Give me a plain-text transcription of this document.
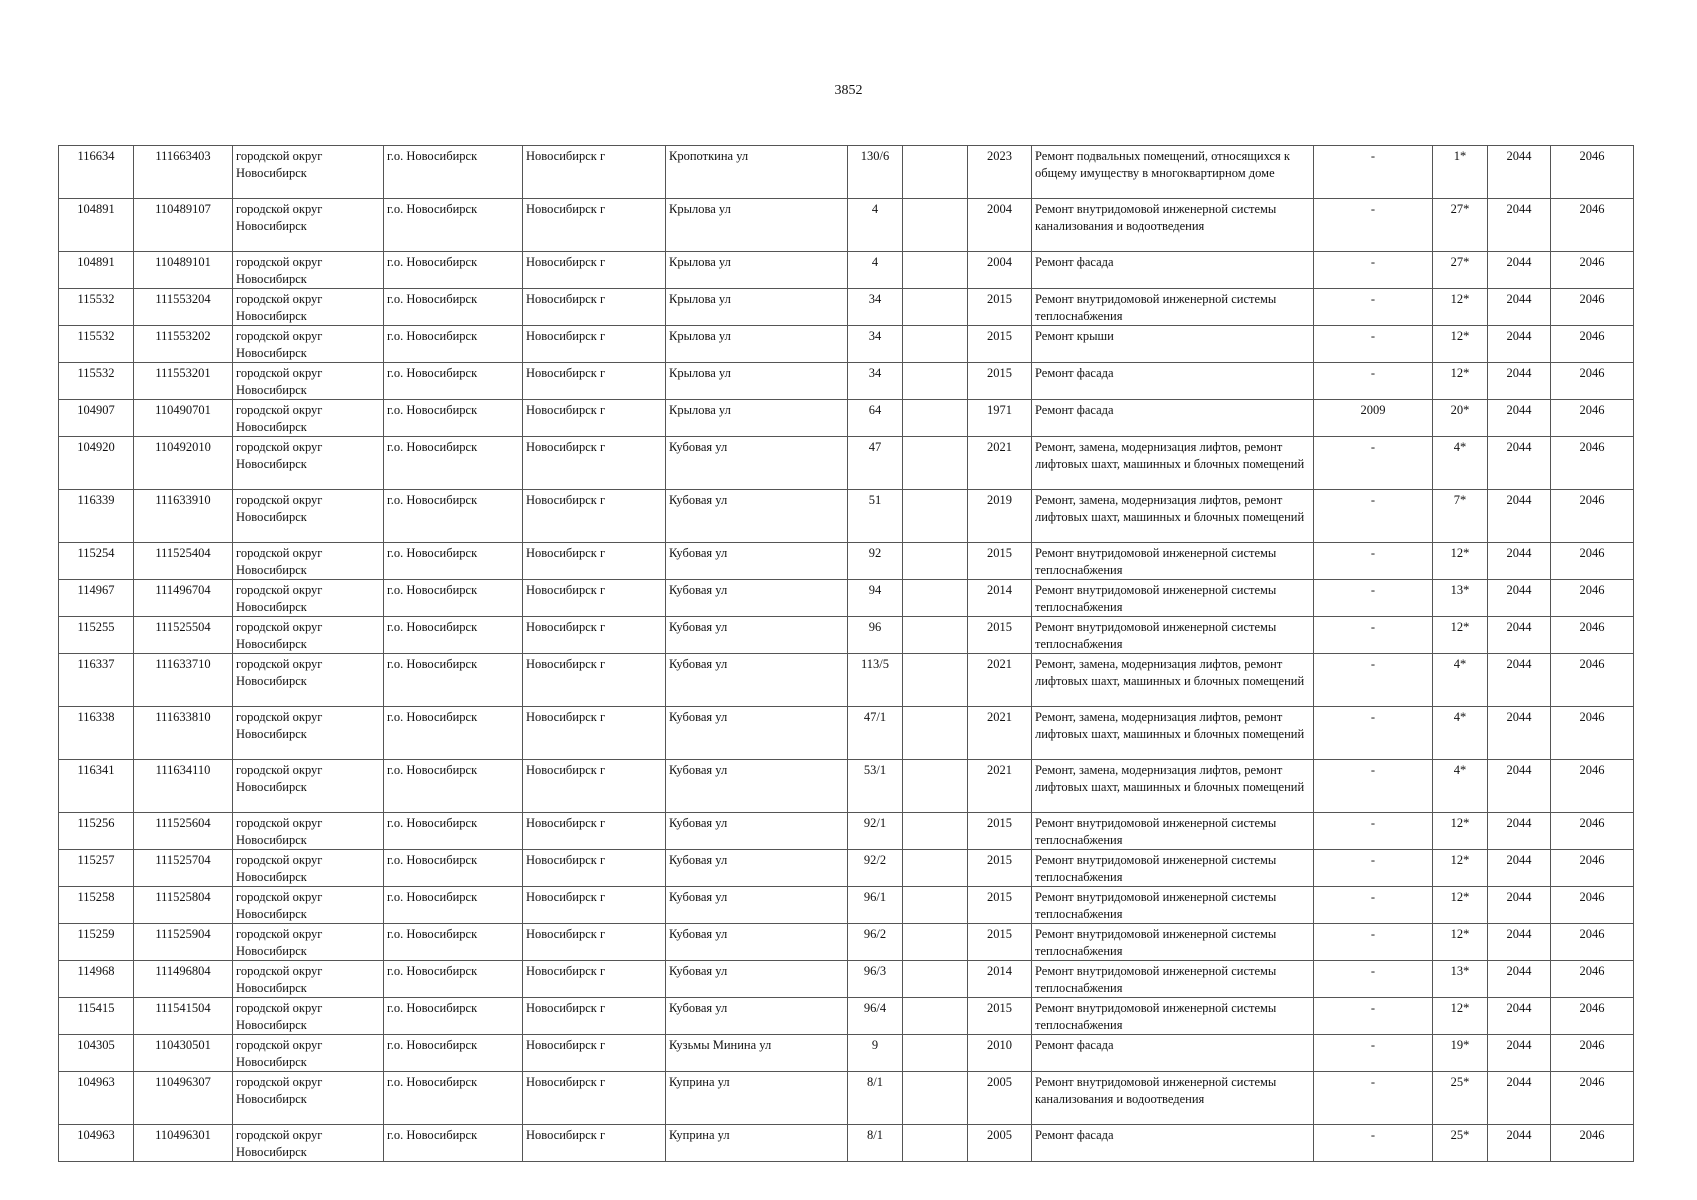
3852
116634	111663403	городской округ Новосибирск	г.о. Новосибирск	Новосибирск г	Кропоткина ул	130/6		2023	Ремонт подвальных помещений, относящихся к общему имуществу в многоквартирном доме	-	1*	2044	2046
104891	110489107	городской округ Новосибирск	г.о. Новосибирск	Новосибирск г	Крылова ул	4		2004	Ремонт внутридомовой инженерной системы канализования и водоотведения	-	27*	2044	2046
104891	110489101	городской округ Новосибирск	г.о. Новосибирск	Новосибирск г	Крылова ул	4		2004	Ремонт фасада	-	27*	2044	2046
115532	111553204	городской округ Новосибирск	г.о. Новосибирск	Новосибирск г	Крылова ул	34		2015	Ремонт внутридомовой инженерной системы теплоснабжения	-	12*	2044	2046
115532	111553202	городской округ Новосибирск	г.о. Новосибирск	Новосибирск г	Крылова ул	34		2015	Ремонт крыши	-	12*	2044	2046
115532	111553201	городской округ Новосибирск	г.о. Новосибирск	Новосибирск г	Крылова ул	34		2015	Ремонт фасада	-	12*	2044	2046
104907	110490701	городской округ Новосибирск	г.о. Новосибирск	Новосибирск г	Крылова ул	64		1971	Ремонт фасада	2009	20*	2044	2046
104920	110492010	городской округ Новосибирск	г.о. Новосибирск	Новосибирск г	Кубовая ул	47		2021	Ремонт, замена, модернизация лифтов, ремонт лифтовых шахт, машинных и блочных помещений	-	4*	2044	2046
116339	111633910	городской округ Новосибирск	г.о. Новосибирск	Новосибирск г	Кубовая ул	51		2019	Ремонт, замена, модернизация лифтов, ремонт лифтовых шахт, машинных и блочных помещений	-	7*	2044	2046
115254	111525404	городской округ Новосибирск	г.о. Новосибирск	Новосибирск г	Кубовая ул	92		2015	Ремонт внутридомовой инженерной системы теплоснабжения	-	12*	2044	2046
114967	111496704	городской округ Новосибирск	г.о. Новосибирск	Новосибирск г	Кубовая ул	94		2014	Ремонт внутридомовой инженерной системы теплоснабжения	-	13*	2044	2046
115255	111525504	городской округ Новосибирск	г.о. Новосибирск	Новосибирск г	Кубовая ул	96		2015	Ремонт внутридомовой инженерной системы теплоснабжения	-	12*	2044	2046
116337	111633710	городской округ Новосибирск	г.о. Новосибирск	Новосибирск г	Кубовая ул	113/5		2021	Ремонт, замена, модернизация лифтов, ремонт лифтовых шахт, машинных и блочных помещений	-	4*	2044	2046
116338	111633810	городской округ Новосибирск	г.о. Новосибирск	Новосибирск г	Кубовая ул	47/1		2021	Ремонт, замена, модернизация лифтов, ремонт лифтовых шахт, машинных и блочных помещений	-	4*	2044	2046
116341	111634110	городской округ Новосибирск	г.о. Новосибирск	Новосибирск г	Кубовая ул	53/1		2021	Ремонт, замена, модернизация лифтов, ремонт лифтовых шахт, машинных и блочных помещений	-	4*	2044	2046
115256	111525604	городской округ Новосибирск	г.о. Новосибирск	Новосибирск г	Кубовая ул	92/1		2015	Ремонт внутридомовой инженерной системы теплоснабжения	-	12*	2044	2046
115257	111525704	городской округ Новосибирск	г.о. Новосибирск	Новосибирск г	Кубовая ул	92/2		2015	Ремонт внутридомовой инженерной системы теплоснабжения	-	12*	2044	2046
115258	111525804	городской округ Новосибирск	г.о. Новосибирск	Новосибирск г	Кубовая ул	96/1		2015	Ремонт внутридомовой инженерной системы теплоснабжения	-	12*	2044	2046
115259	111525904	городской округ Новосибирск	г.о. Новосибирск	Новосибирск г	Кубовая ул	96/2		2015	Ремонт внутридомовой инженерной системы теплоснабжения	-	12*	2044	2046
114968	111496804	городской округ Новосибирск	г.о. Новосибирск	Новосибирск г	Кубовая ул	96/3		2014	Ремонт внутридомовой инженерной системы теплоснабжения	-	13*	2044	2046
115415	111541504	городской округ Новосибирск	г.о. Новосибирск	Новосибирск г	Кубовая ул	96/4		2015	Ремонт внутридомовой инженерной системы теплоснабжения	-	12*	2044	2046
104305	110430501	городской округ Новосибирск	г.о. Новосибирск	Новосибирск г	Кузьмы Минина ул	9		2010	Ремонт фасада	-	19*	2044	2046
104963	110496307	городской округ Новосибирск	г.о. Новосибирск	Новосибирск г	Куприна ул	8/1		2005	Ремонт внутридомовой инженерной системы канализования и водоотведения	-	25*	2044	2046
104963	110496301	городской округ Новосибирск	г.о. Новосибирск	Новосибирск г	Куприна ул	8/1		2005	Ремонт фасада	-	25*	2044	2046
